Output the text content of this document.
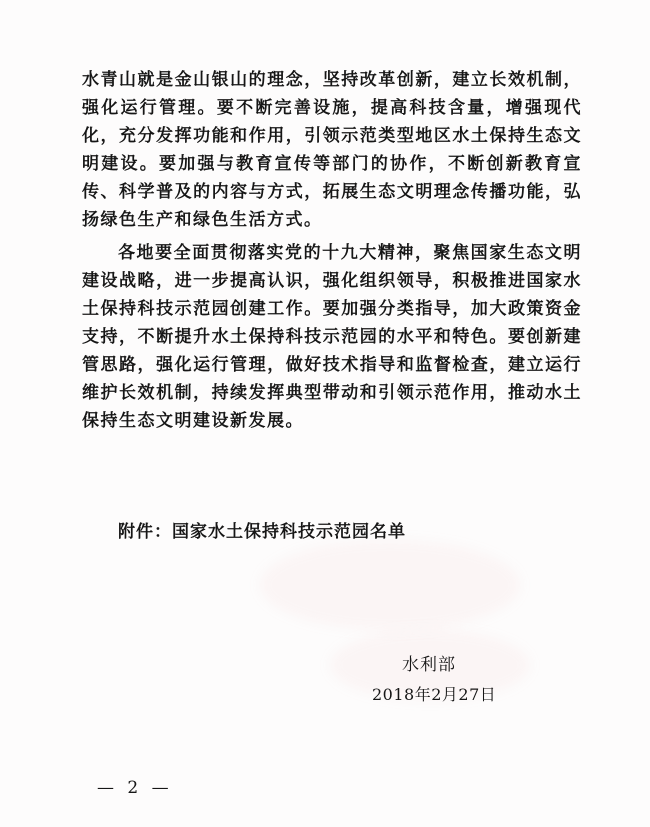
水青山就是金山银山的理念，坚持改革创新，建立长效机制，强化运行管理。要不断完善设施，提高科技含量，增强现代化，充分发挥功能和作用，引领示范类型地区水土保持生态文明建设。要加强与教育宣传等部门的协作，不断创新教育宣传、科学普及的内容与方式，拓展生态文明理念传播功能，弘扬绿色生产和绿色生活方式。

各地要全面贯彻落实党的十九大精神，聚焦国家生态文明建设战略，进一步提高认识，强化组织领导，积极推进国家水土保持科技示范园创建工作。要加强分类指导，加大政策资金支持，不断提升水土保持科技示范园的水平和特色。要创新建管思路，强化运行管理，做好技术指导和监督检查，建立运行维护长效机制，持续发挥典型带动和引领示范作用，推动水土保持生态文明建设新发展。

附件：国家水土保持科技示范园名单
水利部
2018年2月27日
— 2 —
